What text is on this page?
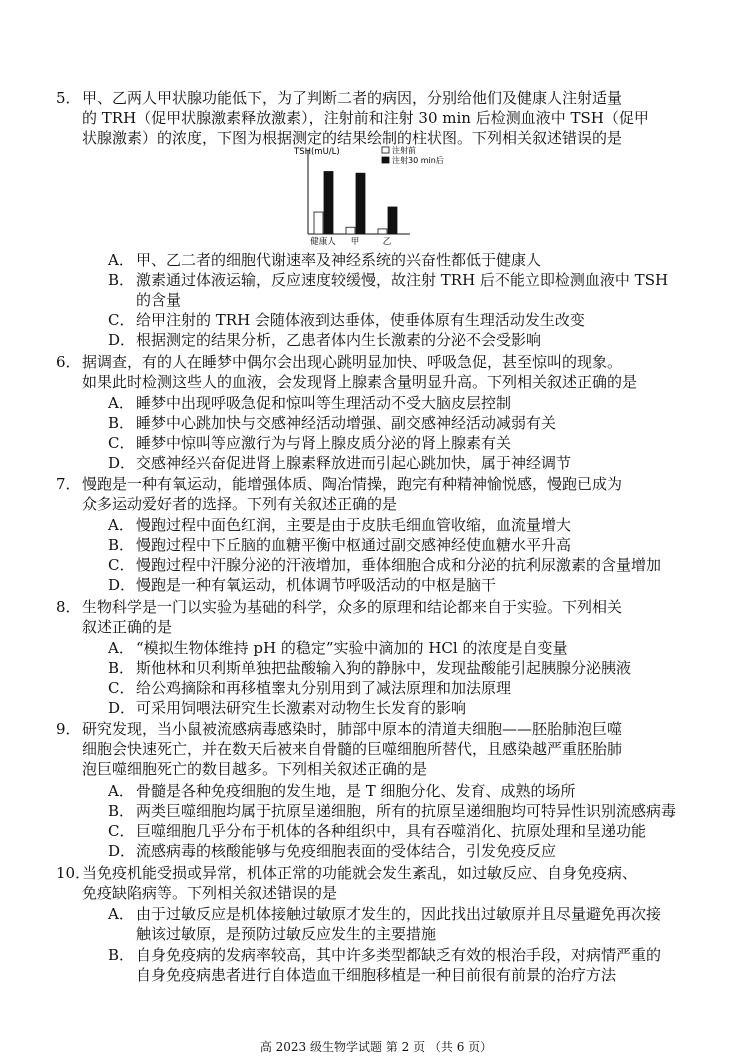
5． 甲、乙两人甲状腺功能低下，为了判断二者的病因，分别给他们及健康人注射适量

的 TRH（促甲状腺激素释放激素），注射前和注射 30 min 后检测血液中 TSH（促甲

状腺激素）的浓度，下图为根据测定的结果绘制的柱状图。下列相关叙述错误的是

TSH(mU/L)	注射前
注射30 min后
健康人 甲	乙
A． 甲、乙二者的细胞代谢速率及神经系统的兴奋性都低于健康人
B． 激素通过体液运输，反应速度较缓慢，故注射 TRH 后不能立即检测血液中 TSH
的含量
C． 给甲注射的 TRH 会随体液到达垂体，使垂体原有生理活动发生改变
D． 根据测定的结果分析，乙患者体内生长激素的分泌不会受影响
6． 据调查，有的人在睡梦中偶尔会出现心跳明显加快、呼吸急促，甚至惊叫的现象。

如果此时检测这些人的血液，会发现肾上腺素含量明显升高。下列相关叙述正确的是

A． 睡梦中出现呼吸急促和惊叫等生理活动不受大脑皮层控制
B． 睡梦中心跳加快与交感神经活动增强、副交感神经活动减弱有关
C． 睡梦中惊叫等应激行为与肾上腺皮质分泌的肾上腺素有关
D． 交感神经兴奋促进肾上腺素释放进而引起心跳加快，属于神经调节
7． 慢跑是一种有氧运动，能增强体质、陶冶情操，跑完有种精神愉悦感，慢跑已成为

众多运动爱好者的选择。下列有关叙述正确的是

A． 慢跑过程中面色红润，主要是由于皮肤毛细血管收缩，血流量增大
B． 慢跑过程中下丘脑的血糖平衡中枢通过副交感神经使血糖水平升高
C． 慢跑过程中汗腺分泌的汗液增加，垂体细胞合成和分泌的抗利尿激素的含量增加
D． 慢跑是一种有氧运动，机体调节呼吸活动的中枢是脑干
8． 生物科学是一门以实验为基础的科学，众多的原理和结论都来自于实验。下列相关

叙述正确的是

A． “模拟生物体维持 pH 的稳定”实验中滴加的 HCl 的浓度是自变量
B． 斯他林和贝利斯单独把盐酸输入狗的静脉中，发现盐酸能引起胰腺分泌胰液
C． 给公鸡摘除和再移植睾丸分别用到了减法原理和加法原理
D． 可采用饲喂法研究生长激素对动物生长发育的影响
9． 研究发现，当小鼠被流感病毒感染时，肺部中原本的清道夫细胞——胚胎肺泡巨噬

细胞会快速死亡，并在数天后被来自骨髓的巨噬细胞所替代，且感染越严重胚胎肺

泡巨噬细胞死亡的数目越多。下列相关叙述正确的是

A． 骨髓是各种免疫细胞的发生地，是 T 细胞分化、发育、成熟的场所
B． 两类巨噬细胞均属于抗原呈递细胞，所有的抗原呈递细胞均可特异性识别流感病毒
C． 巨噬细胞几乎分布于机体的各种组织中，具有吞噬消化、抗原处理和呈递功能
D． 流感病毒的核酸能够与免疫细胞表面的受体结合，引发免疫反应
10．

当免疫机能受损或异常，机体正常的功能就会发生紊乱，如过敏反应、自身免疫病、

免疫缺陷病等。下列相关叙述错误的是

A． 由于过敏反应是机体接触过敏原才发生的，因此找出过敏原并且尽量避免再次接
触该过敏原，是预防过敏反应发生的主要措施
B． 自身免疫病的发病率较高，其中许多类型都缺乏有效的根治手段，对病情严重的
自身免疫病患者进行自体造血干细胞移植是一种目前很有前景的治疗方法
高 2023 级生物学试题 第 2 页 （共 6 页）
